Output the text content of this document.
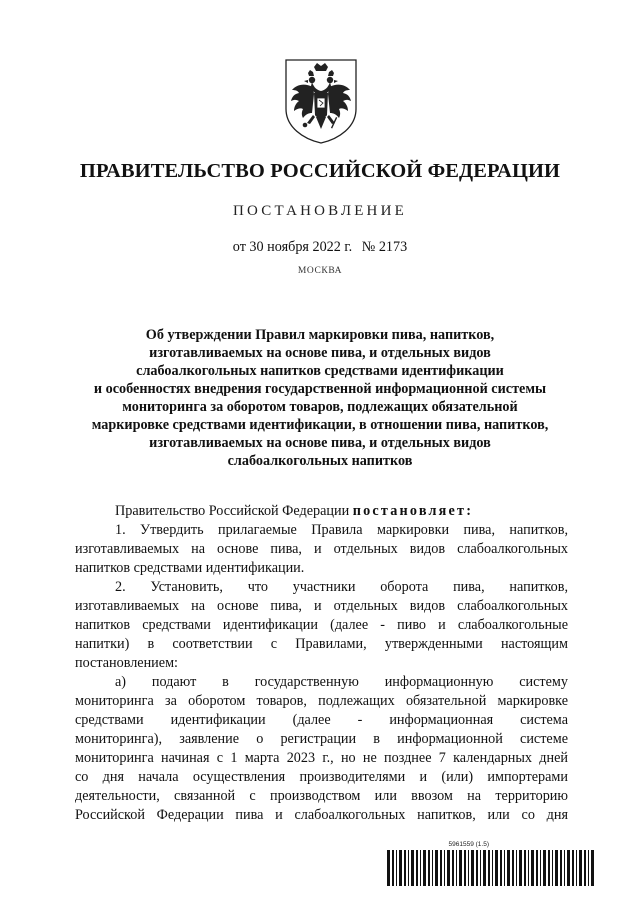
ПРАВИТЕЛЬСТВО РОССИЙСКОЙ ФЕДЕРАЦИИ
ПОСТАНОВЛЕНИЕ
от 30 ноября 2022 г. № 2173
МОСКВА
Об утверждении Правил маркировки пива, напитков,
изготавливаемых на основе пива, и отдельных видов
слабоалкогольных напитков средствами идентификации
и особенностях внедрения государственной информационной системы
мониторинга за оборотом товаров, подлежащих обязательной
маркировке средствами идентификации, в отношении пива, напитков,
изготавливаемых на основе пива, и отдельных видов
слабоалкогольных напитков
Правительство Российской Федерации постановляет:
1. Утвердить прилагаемые Правила маркировки пива, напитков,
изготавливаемых на основе пива, и отдельных видов слабоалкогольных
напитков средствами идентификации.
2. Установить, что участники оборота пива, напитков,
изготавливаемых на основе пива, и отдельных видов слабоалкогольных
напитков средствами идентификации (далее - пиво и слабоалкогольные
напитки) в соответствии с Правилами, утвержденными настоящим
постановлением:
а) подают в государственную информационную систему
мониторинга за оборотом товаров, подлежащих обязательной маркировке
средствами идентификации (далее - информационная система
мониторинга), заявление о регистрации в информационной системе
мониторинга начиная с 1 марта 2023 г., но не позднее 7 календарных дней
со дня начала осуществления производителями и (или) импортерами
деятельности, связанной с производством или ввозом на территорию
Российской Федерации пива и слабоалкогольных напитков, или со дня
5961559 (1.5)
